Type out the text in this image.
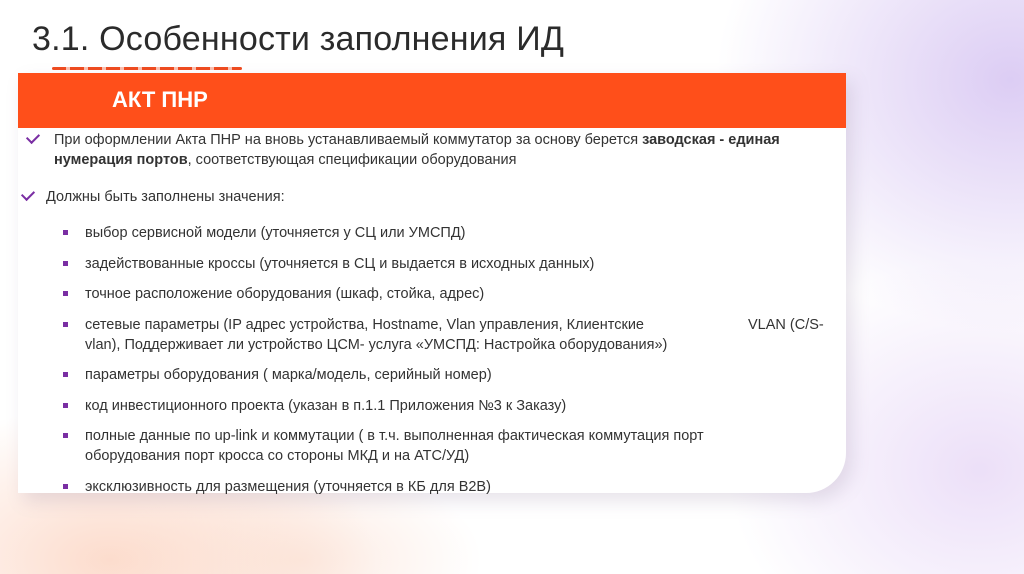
3.1. Особенности заполнения ИД
АКТ ПНР
При оформлении Акта ПНР на вновь устанавливаемый коммутатор за основу берется заводская - единая
нумерация портов, соответствующая спецификации оборудования
Должны быть заполнены значения:
выбор сервисной модели (уточняется у СЦ или УМСПД)
задействованные кроссы (уточняется в СЦ и выдается в исходных данных)
точное расположение оборудования (шкаф, стойка, адрес)
сетевые параметры (IP адрес устройства, Hostname, Vlan управления, Клиентские	VLAN (C/S-
vlan), Поддерживает ли устройство ЦСМ- услуга «УМСПД: Настройка оборудования»)
параметры оборудования ( марка/модель, серийный номер)
код инвестиционного проекта (указан в п.1.1 Приложения №3 к Заказу)
полные данные по up-link и коммутации ( в т.ч. выполненная фактическая коммутация порт
оборудования порт кросса со стороны МКД и на АТС/УД)
эксклюзивность для размещения (уточняется в КБ для B2B)
